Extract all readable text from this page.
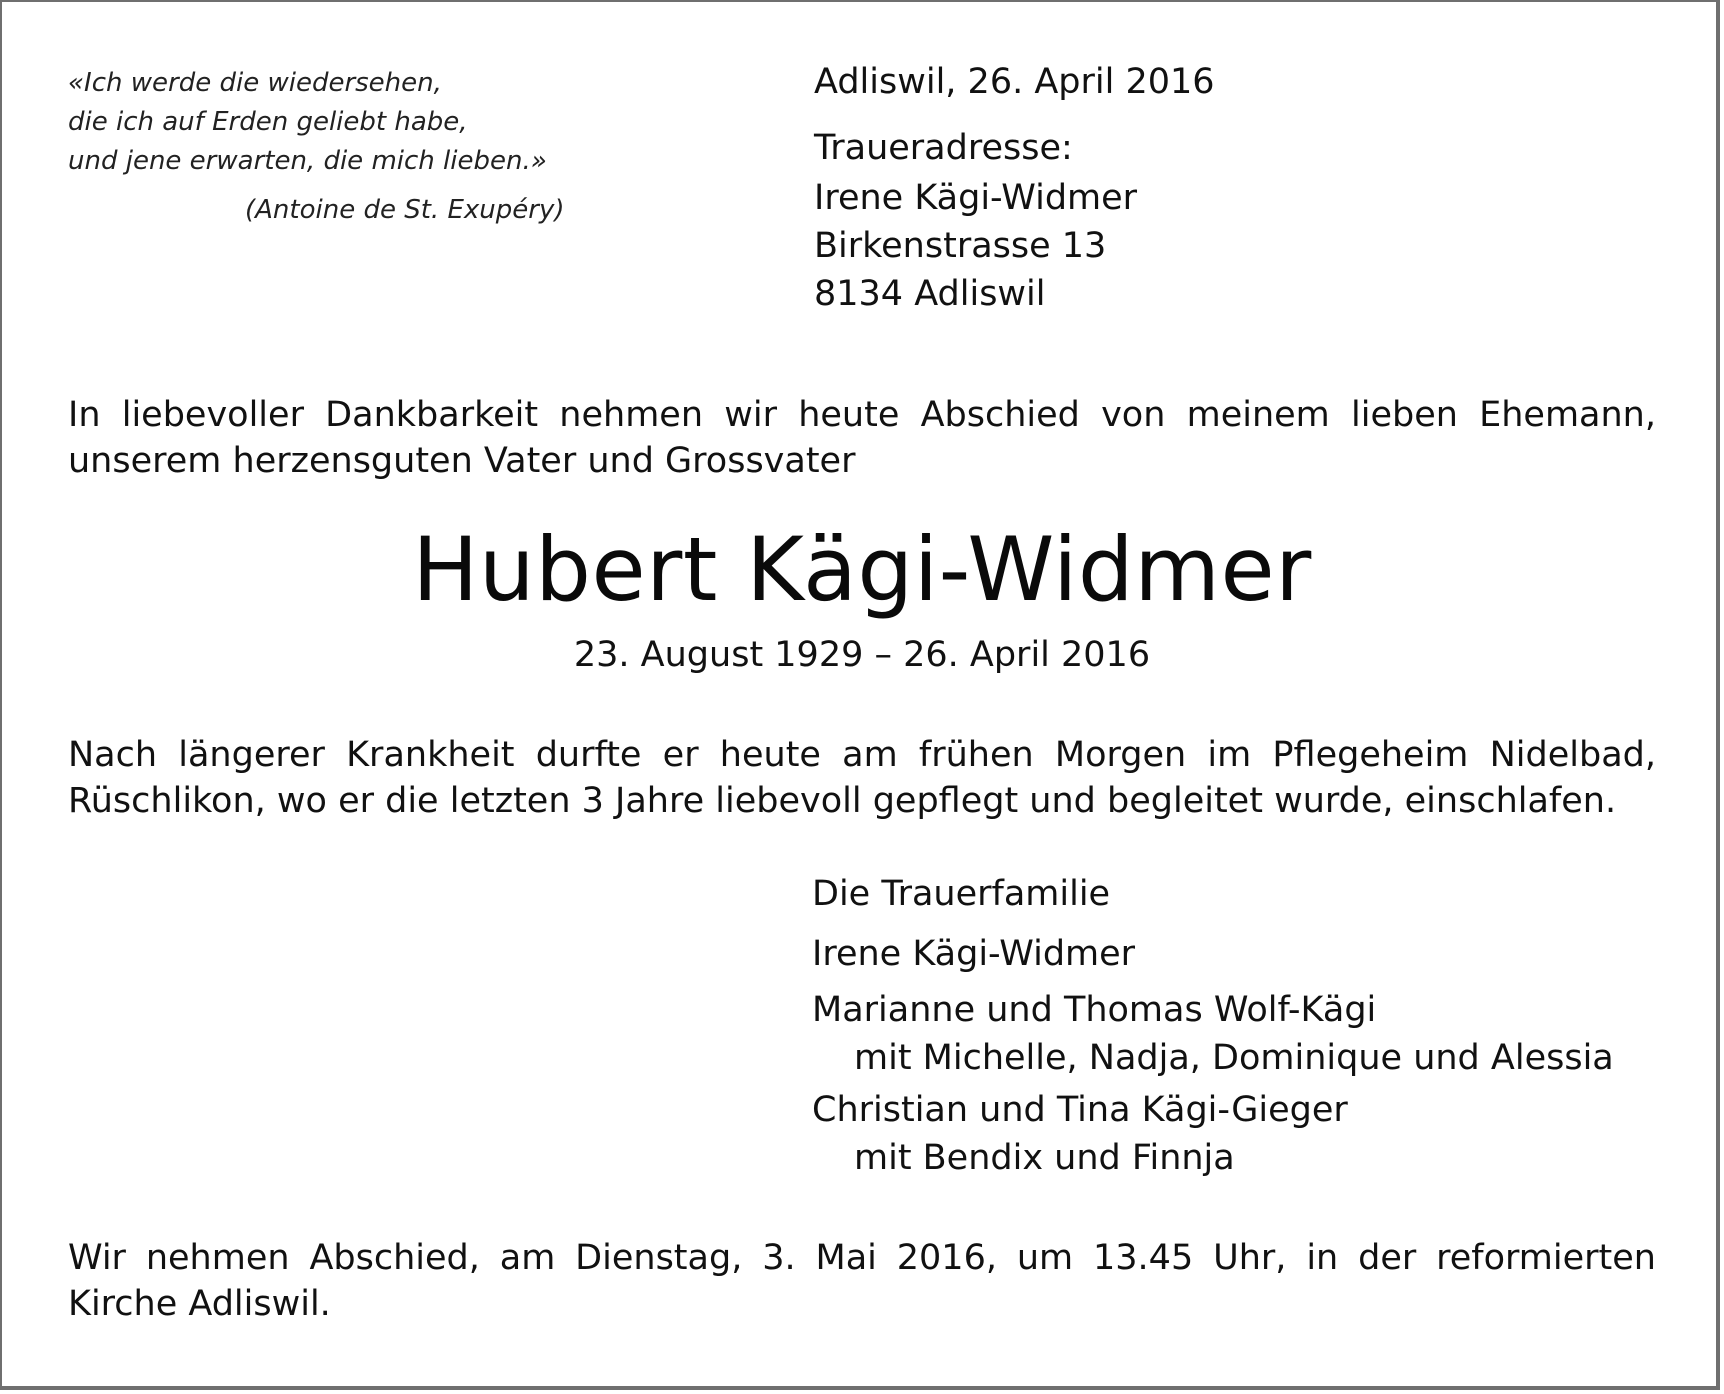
«Ich werde die wiedersehen,
die ich auf Erden geliebt habe,
und jene erwarten, die mich lieben.»
(Antoine de St. Exupéry)
Adliswil, 26. April 2016
Traueradresse:
Irene Kägi-Widmer
Birkenstrasse 13
8134 Adliswil
In liebevoller Dankbarkeit nehmen wir heute Abschied von meinem lieben Ehemann, unserem herzensguten Vater und Grossvater
Hubert Kägi-Widmer
23. August 1929 – 26. April 2016
Nach längerer Krankheit durfte er heute am frühen Morgen im Pflegeheim Nidelbad, Rüschlikon, wo er die letzten 3 Jahre liebevoll gepflegt und begleitet wurde, einschlafen.
Die Trauerfamilie
Irene Kägi-Widmer
Marianne und Thomas Wolf-Kägi
mit Michelle, Nadja, Dominique und Alessia
Christian und Tina Kägi-Gieger
mit Bendix und Finnja
Wir nehmen Abschied, am Dienstag, 3. Mai 2016, um 13.45 Uhr, in der reformierten Kirche Adliswil.
